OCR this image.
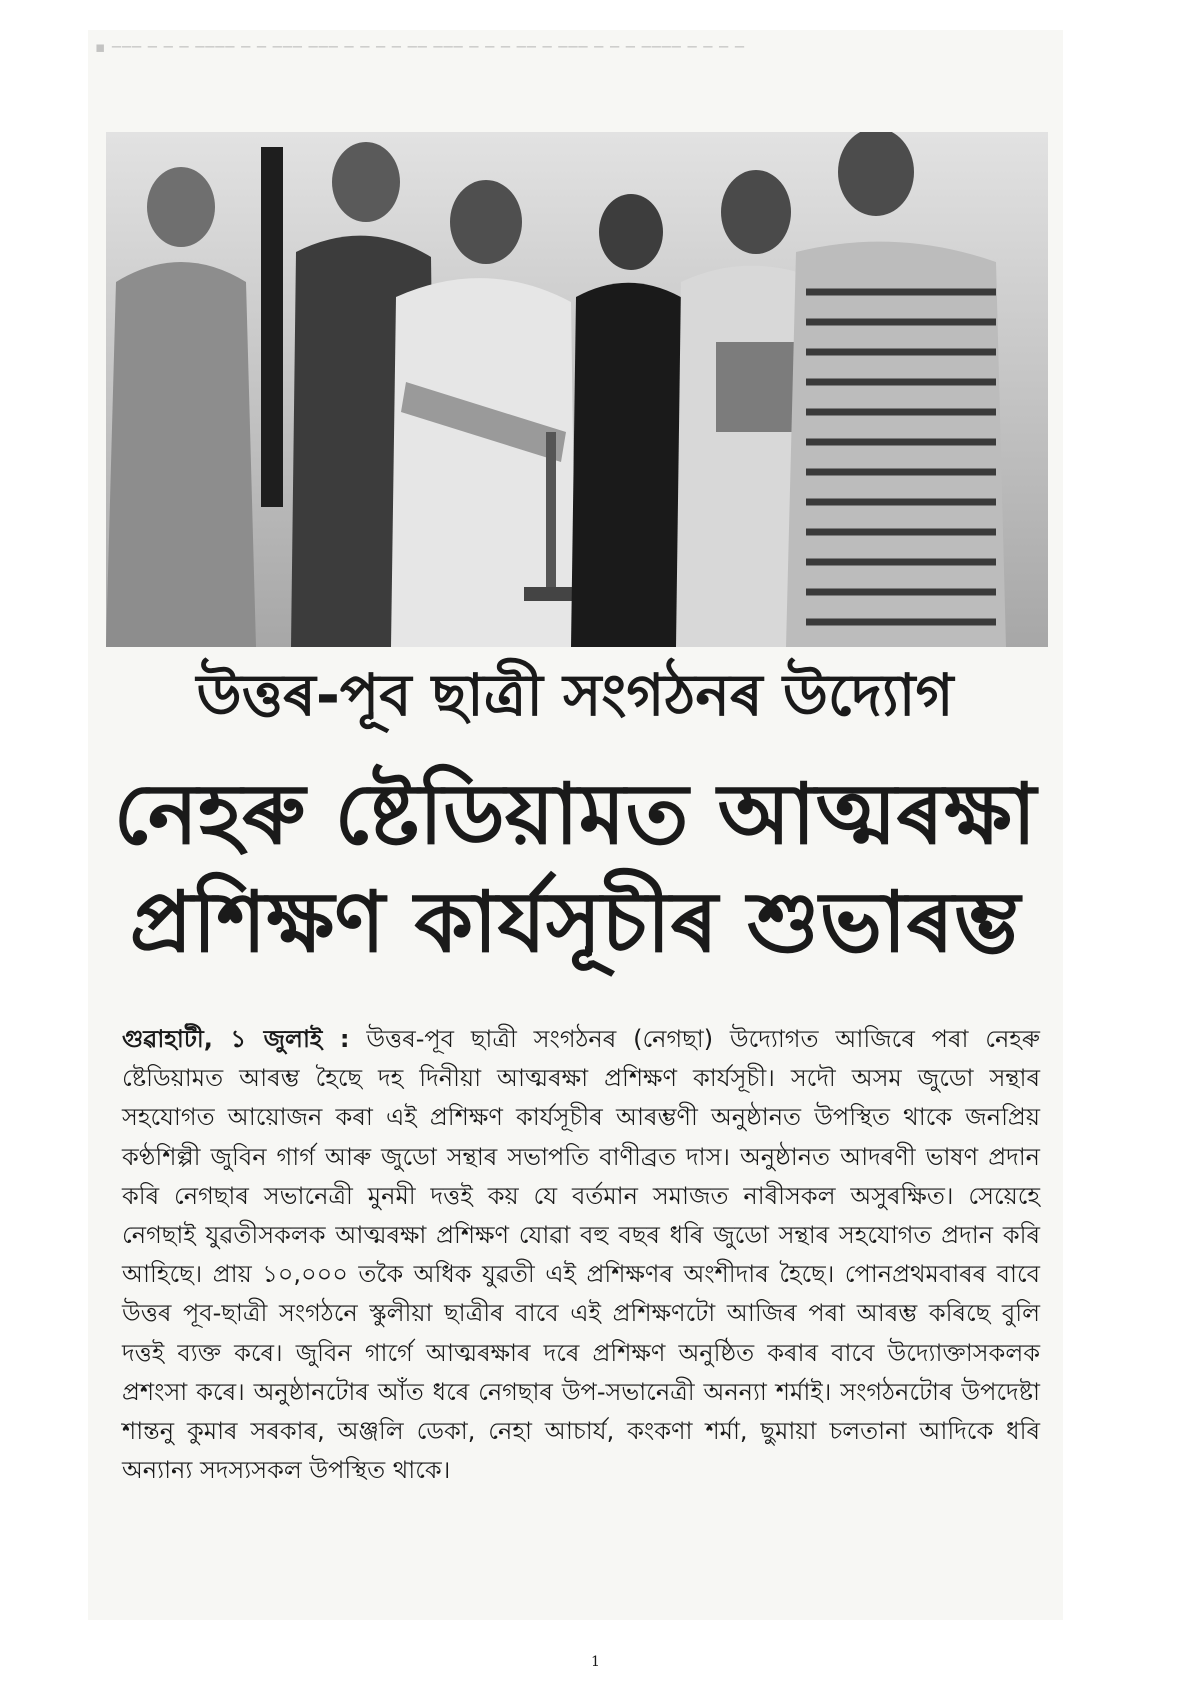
▪ ─── ─ ─ ─ ──── ─ ─ ─── ─── ─ ─ ─ ─ ── ─── ─ ─ ─ ── ─ ─── ─ ─ ─ ──── ─ ─ ─ ─
উত্তৰ-পূব ছাত্ৰী সংগঠনৰ উদ্যোগ
নেহৰু ষ্টেডিয়ামত আত্মৰক্ষা
প্ৰশিক্ষণ কাৰ্যসূচীৰ শুভাৰম্ভ
গুৱাহাটী, ১ জুলাই : উত্তৰ-পূব ছাত্ৰী সংগঠনৰ (নেগছা) উদ্যোগত আজিৰে পৰা নেহৰু ষ্টেডিয়ামত আৰম্ভ হৈছে দহ দিনীয়া আত্মৰক্ষা প্ৰশিক্ষণ কাৰ্যসূচী। সদৌ অসম জুডো সন্থাৰ সহযোগত আয়োজন কৰা এই প্ৰশিক্ষণ কাৰ্যসূচীৰ আৰম্ভণী অনুষ্ঠানত উপস্থিত থাকে জনপ্ৰিয় কণ্ঠশিল্পী জুবিন গাৰ্গ আৰু জুডো সন্থাৰ সভাপতি বাণীব্ৰত দাস। অনুষ্ঠানত আদৰণী ভাষণ প্ৰদান কৰি নেগছাৰ সভানেত্ৰী মুনমী দত্তই কয় যে বৰ্তমান সমাজত নাৰীসকল অসুৰক্ষিত। সেয়েহে নেগছাই যুৱতীসকলক আত্মৰক্ষা প্ৰশিক্ষণ যোৱা বহু বছৰ ধৰি জুডো সন্থাৰ সহযোগত প্ৰদান কৰি আহিছে। প্ৰায় ১০,০০০ তকৈ অধিক যুৱতী এই প্ৰশিক্ষণৰ অংশীদাৰ হৈছে। পোনপ্ৰথমবাৰৰ বাবে উত্তৰ পূব-ছাত্ৰী সংগঠনে স্কুলীয়া ছাত্ৰীৰ বাবে এই প্ৰশিক্ষণটো আজিৰ পৰা আৰম্ভ কৰিছে বুলি দত্তই ব্যক্ত কৰে। জুবিন গাৰ্গে আত্মৰক্ষাৰ দৰে প্ৰশিক্ষণ অনুষ্ঠিত কৰাৰ বাবে উদ্যোক্তাসকলক প্ৰশংসা কৰে। অনুষ্ঠানটোৰ আঁত ধৰে নেগছাৰ উপ-সভানেত্ৰী অনন্যা শৰ্মাই। সংগঠনটোৰ উপদেষ্টা শান্তনু কুমাৰ সৰকাৰ, অঞ্জলি ডেকা, নেহা আচাৰ্য, কংকণা শৰ্মা, ছুমায়া চলতানা আদিকে ধৰি অন্যান্য সদস্যসকল উপস্থিত থাকে।
1
